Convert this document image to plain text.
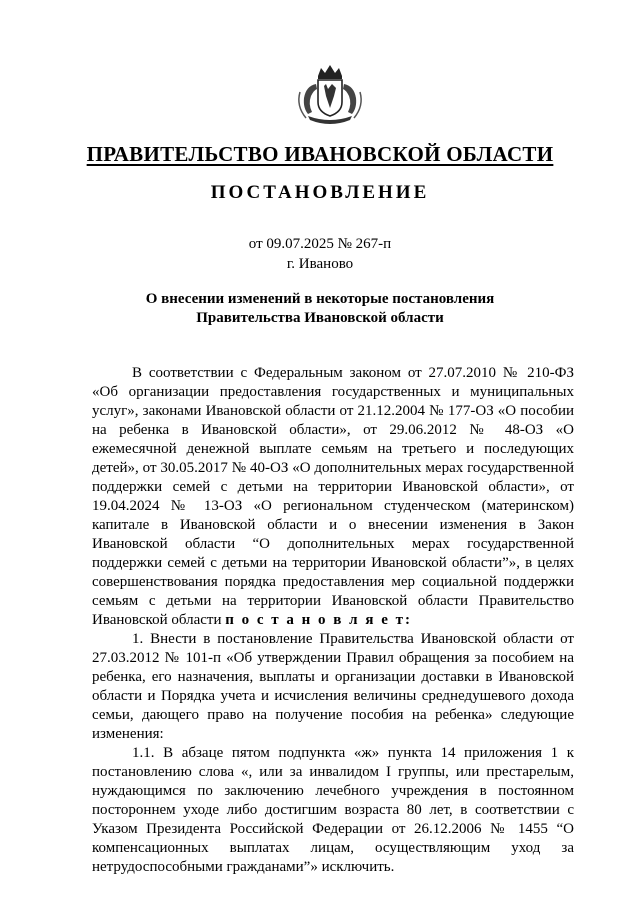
ПРАВИТЕЛЬСТВО ИВАНОВСКОЙ ОБЛАСТИ
ПОСТАНОВЛЕНИЕ
от 09.07.2025 № 267-п
г. Иваново
О внесении изменений в некоторые постановления
Правительства Ивановской области

В соответствии с Федеральным законом от 27.07.2010 № 210-ФЗ «Об организации предоставления государственных и муниципальных услуг», законами Ивановской области от 21.12.2004 № 177-ОЗ «О пособии на ребенка в Ивановской области», от 29.06.2012 № 48-ОЗ «О ежемесячной денежной выплате семьям на третьего и последующих детей», от 30.05.2017 № 40-ОЗ «О дополнительных мерах государственной поддержки семей с детьми на территории Ивановской области», от 19.04.2024 № 13-ОЗ «О региональном студенческом (материнском) капитале в Ивановской области и о внесении изменения в Закон Ивановской области “О дополнительных мерах государственной поддержки семей с детьми на территории Ивановской области”», в целях совершенствования порядка предоставления мер социальной поддержки семьям с детьми на территории Ивановской области Правительство Ивановской области п о с т а н о в л я е т:

1. Внести в постановление Правительства Ивановской области от 27.03.2012 № 101-п «Об утверждении Правил обращения за пособием на ребенка, его назначения, выплаты и организации доставки в Ивановской области и Порядка учета и исчисления величины среднедушевого дохода семьи, дающего право на получение пособия на ребенка» следующие изменения:

1.1. В абзаце пятом подпункта «ж» пункта 14 приложения 1 к постановлению слова «, или за инвалидом I группы, или престарелым, нуждающимся по заключению лечебного учреждения в постоянном постороннем уходе либо достигшим возраста 80 лет, в соответствии с Указом Президента Российской Федерации от 26.12.2006 № 1455 “О компенсационных выплатах лицам, осуществляющим уход за нетрудоспособными гражданами”» исключить.
